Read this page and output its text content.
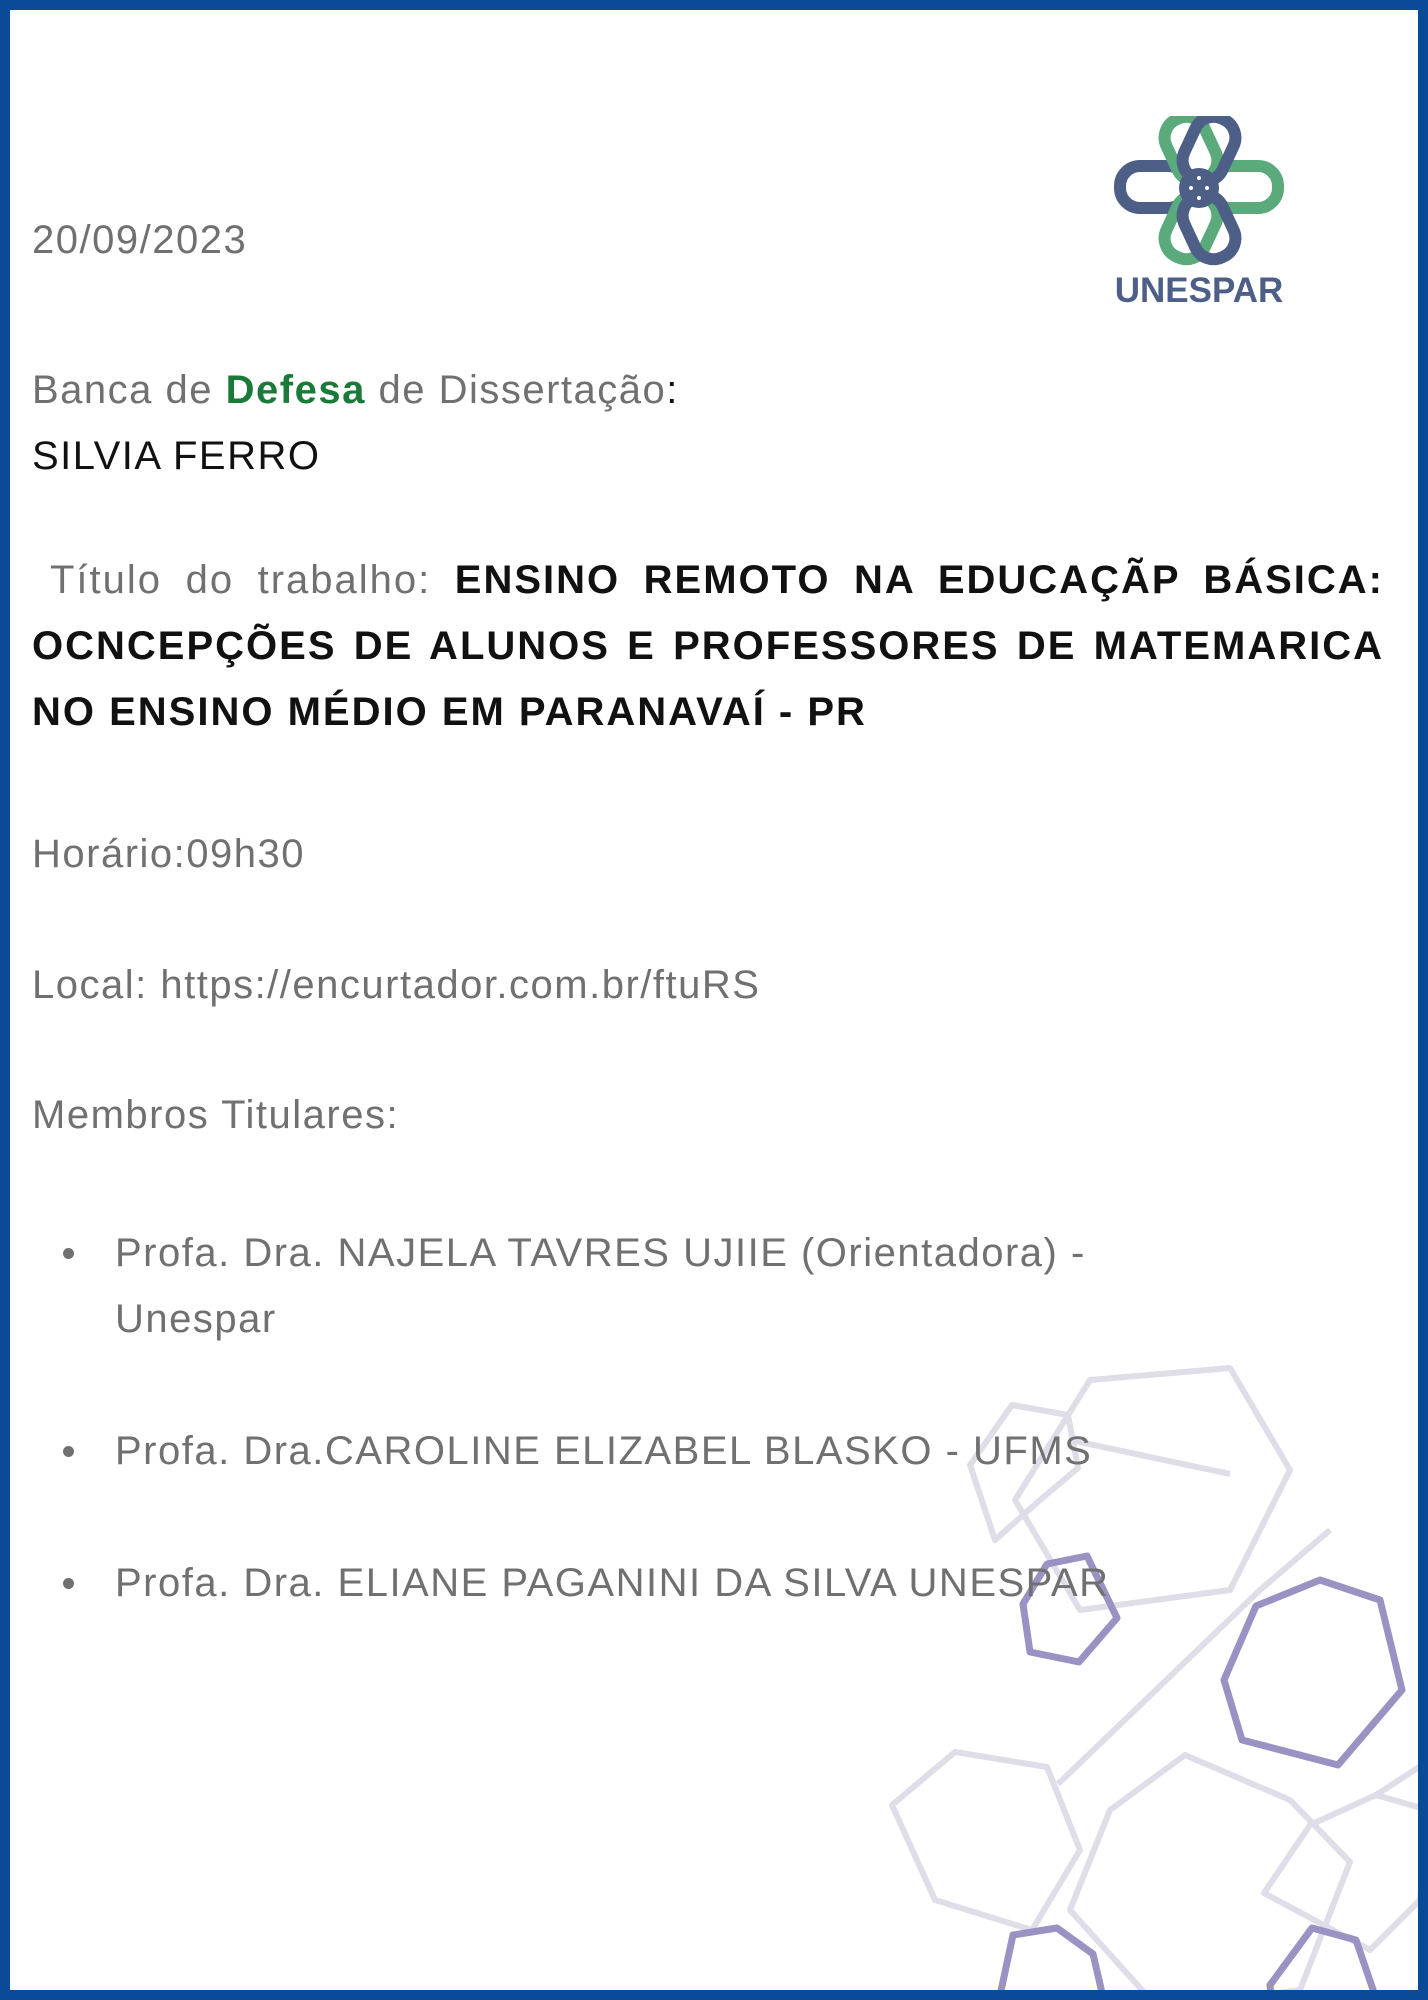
20/09/2023
UNESPAR
Banca de Defesa de Dissertação:
SILVIA FERRO
Título do trabalho: ENSINO REMOTO NA EDUCAÇÃP BÁSICA: OCNCEPÇÕES DE ALUNOS E PROFESSORES DE MATEMARICA NO ENSINO MÉDIO EM PARANAVAÍ - PR
Horário:09h30
Local: https://encurtador.com.br/ftuRS
Membros Titulares:
Profa. Dra. NAJELA TAVRES UJIIE (Orientadora) - Unespar
Profa. Dra.CAROLINE ELIZABEL BLASKO - UFMS
Profa. Dra. ELIANE PAGANINI DA SILVA UNESPAR
